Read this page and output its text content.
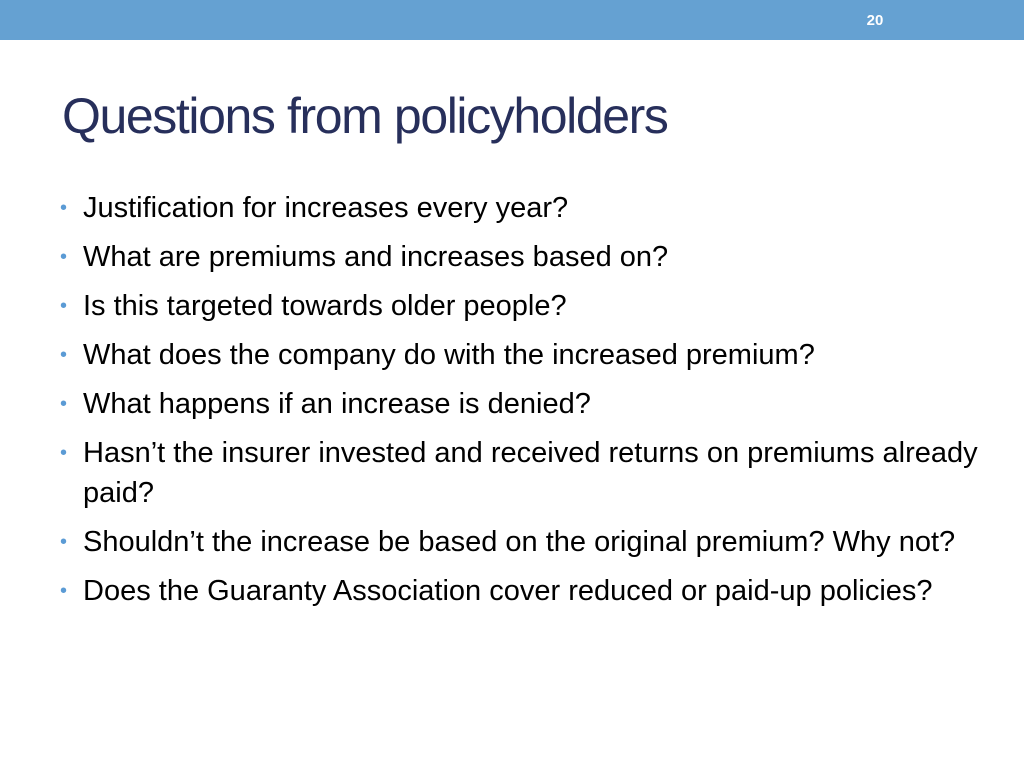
20
Questions from policyholders
• Justification for increases every year?
• What are premiums and increases based on?
• Is this targeted towards older people?
• What does the company do with the increased premium?
• What happens if an increase is denied?
• Hasn’t the insurer invested and received returns on premiums already paid?
• Shouldn’t the increase be based on the original premium? Why not?
• Does the Guaranty Association cover reduced or paid-up policies?
